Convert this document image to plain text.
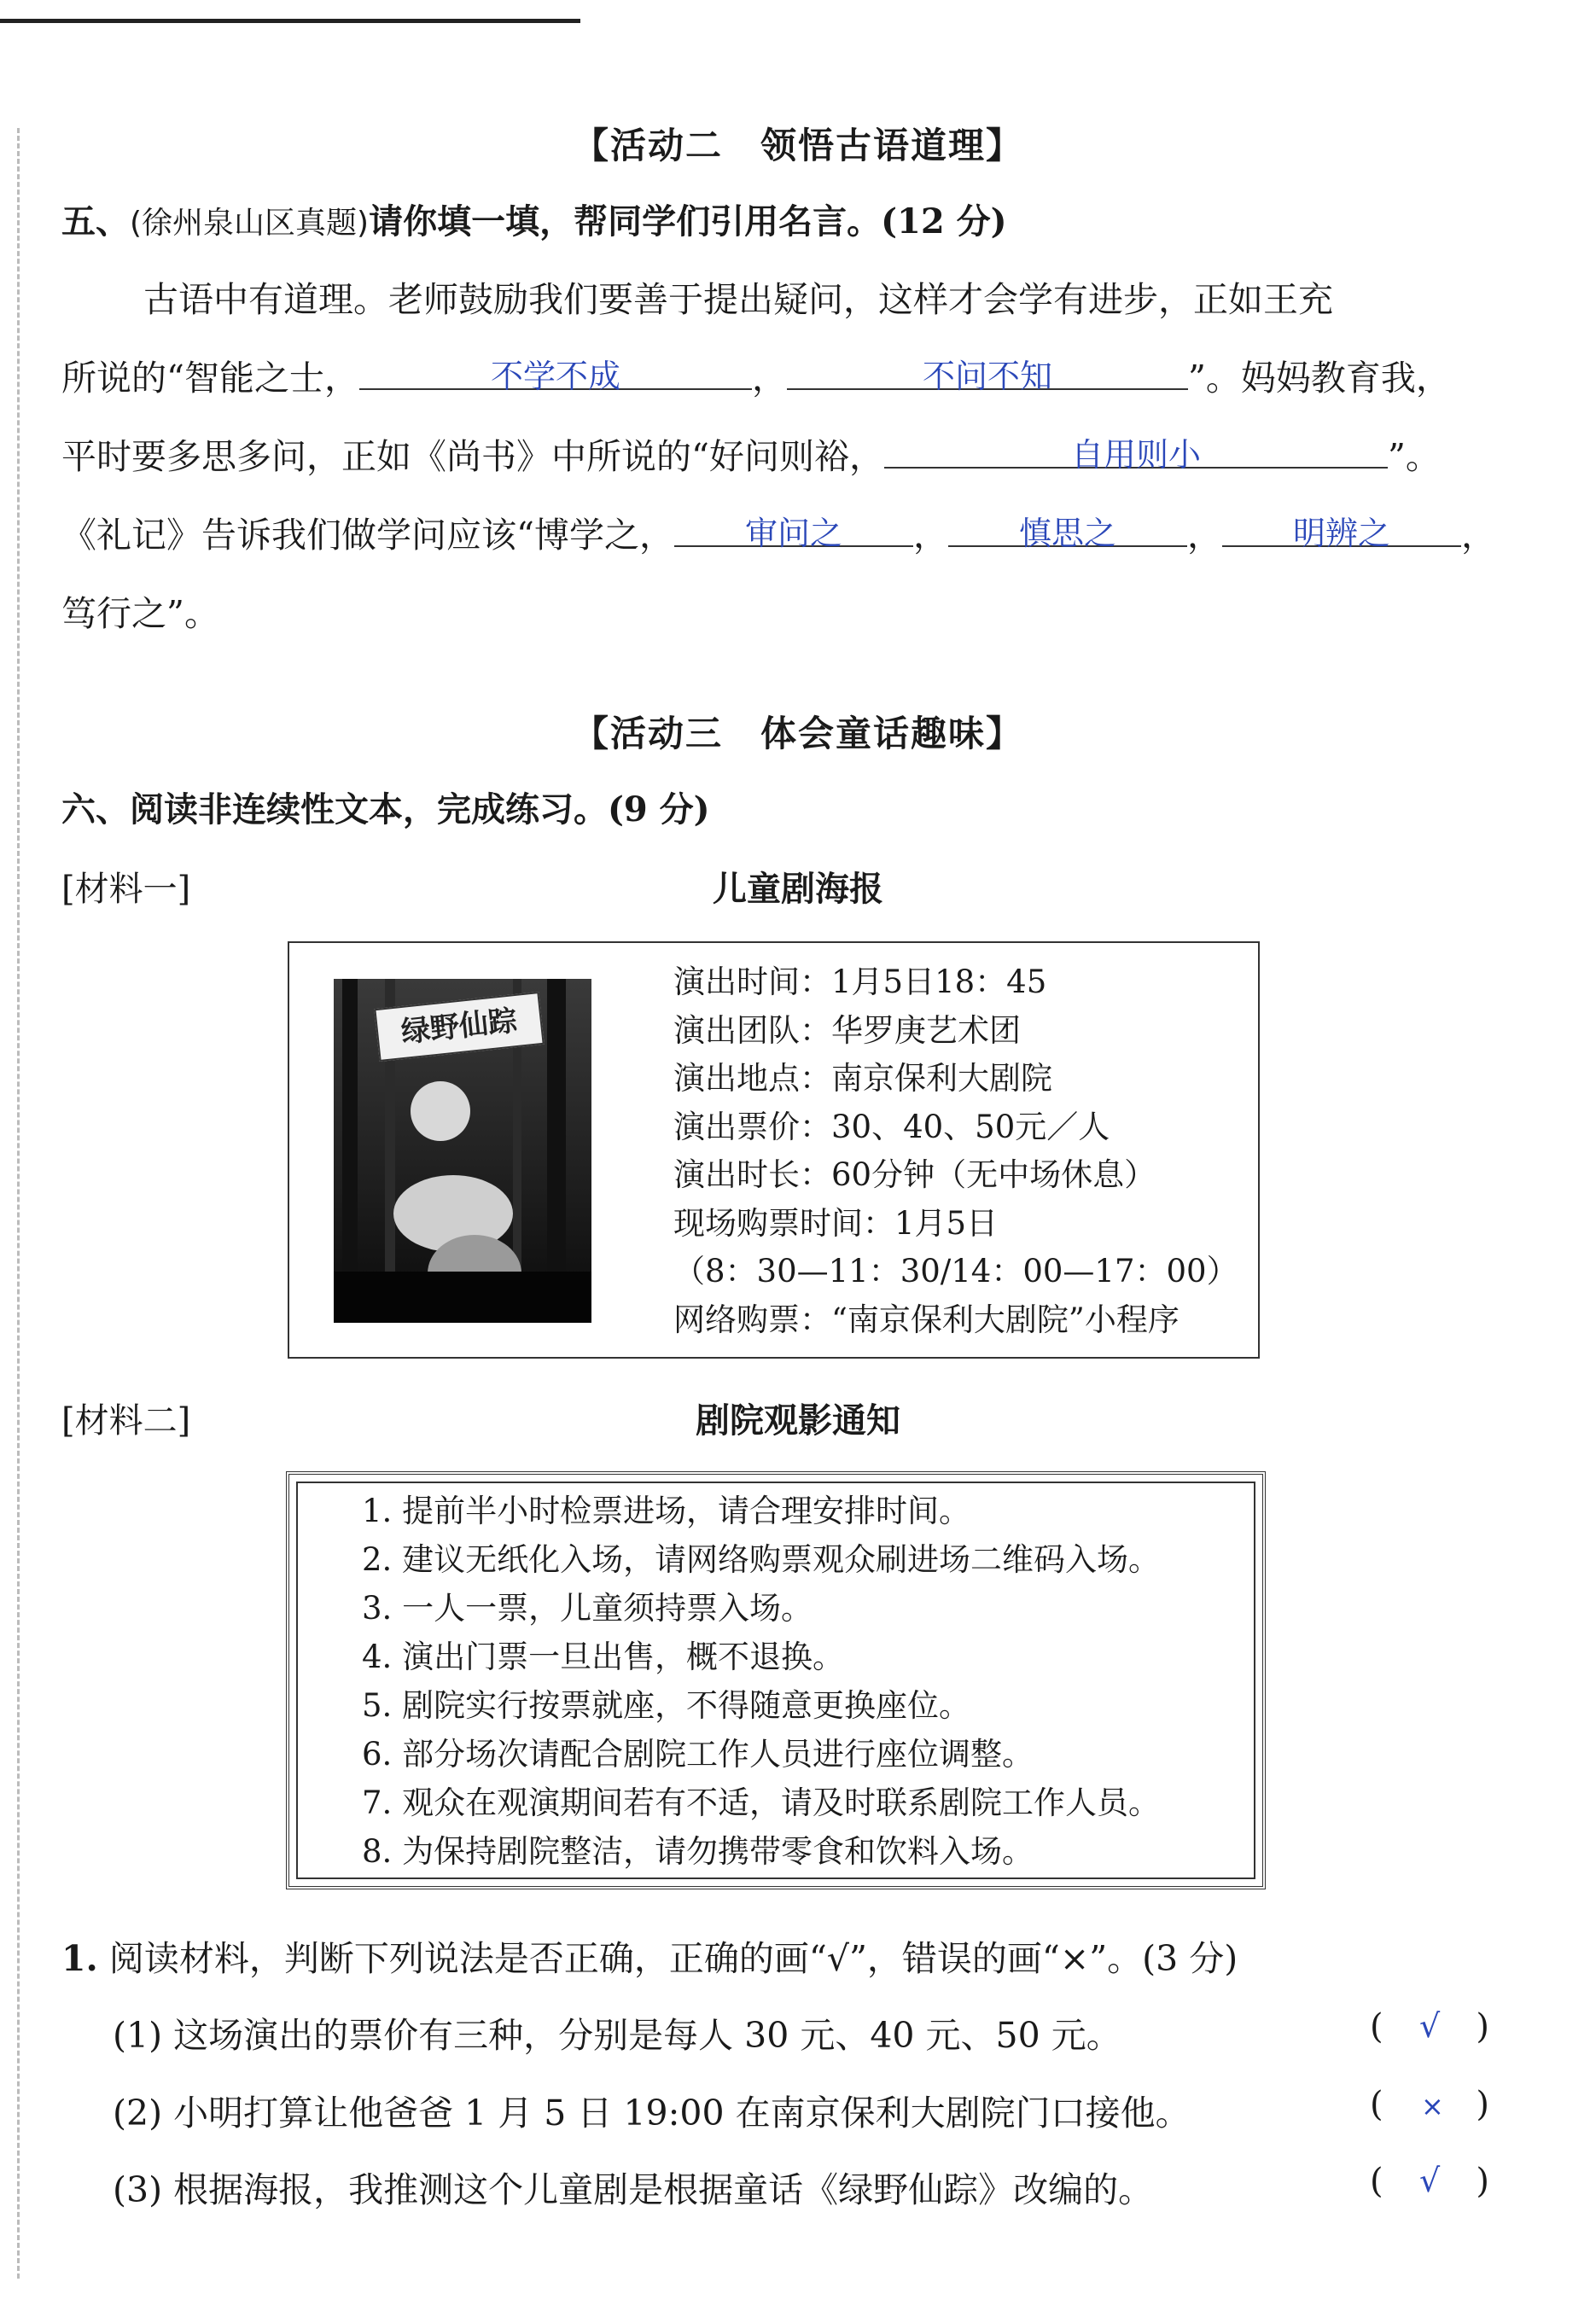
【活动二　领悟古语道理】
五、(徐州泉山区真题)请你填一填，帮同学们引用名言。(12 分)
古语中有道理。老师鼓励我们要善于提出疑问，这样才会学有进步，正如王充
所说的“智能之士，	不学不成	，	不问不知	”。妈妈教育我，
平时要多思多问，正如《尚书》中所说的“好问则裕，	自用则小	”。
《礼记》告诉我们做学问应该“博学之，	审问之	，	慎思之	，	明辨之	，
笃行之”。
【活动三　体会童话趣味】
六、阅读非连续性文本，完成练习。(9 分)
[材料一]	儿童剧海报
绿野仙踪
演出时间：1月5日18：45
演出团队：华罗庚艺术团
演出地点：南京保利大剧院
演出票价：30、40、50元／人
演出时长：60分钟（无中场休息）
现场购票时间：1月5日
（8：30—11：30/14：00—17：00）
网络购票：“南京保利大剧院”小程序
[材料二]	剧院观影通知
1. 提前半小时检票进场，请合理安排时间。
2. 建议无纸化入场，请网络购票观众刷进场二维码入场。
3. 一人一票，儿童须持票入场。
4. 演出门票一旦出售，概不退换。
5. 剧院实行按票就座，不得随意更换座位。
6. 部分场次请配合剧院工作人员进行座位调整。
7. 观众在观演期间若有不适，请及时联系剧院工作人员。
8. 为保持剧院整洁，请勿携带零食和饮料入场。
1. 阅读材料，判断下列说法是否正确，正确的画“√”，错误的画“×”。(3 分)
(1) 这场演出的票价有三种，分别是每人 30 元、40 元、50 元。	( √ )
(2) 小明打算让他爸爸 1 月 5 日 19:00 在南京保利大剧院门口接他。	( × )
(3) 根据海报，我推测这个儿童剧是根据童话《绿野仙踪》改编的。	( √ )
